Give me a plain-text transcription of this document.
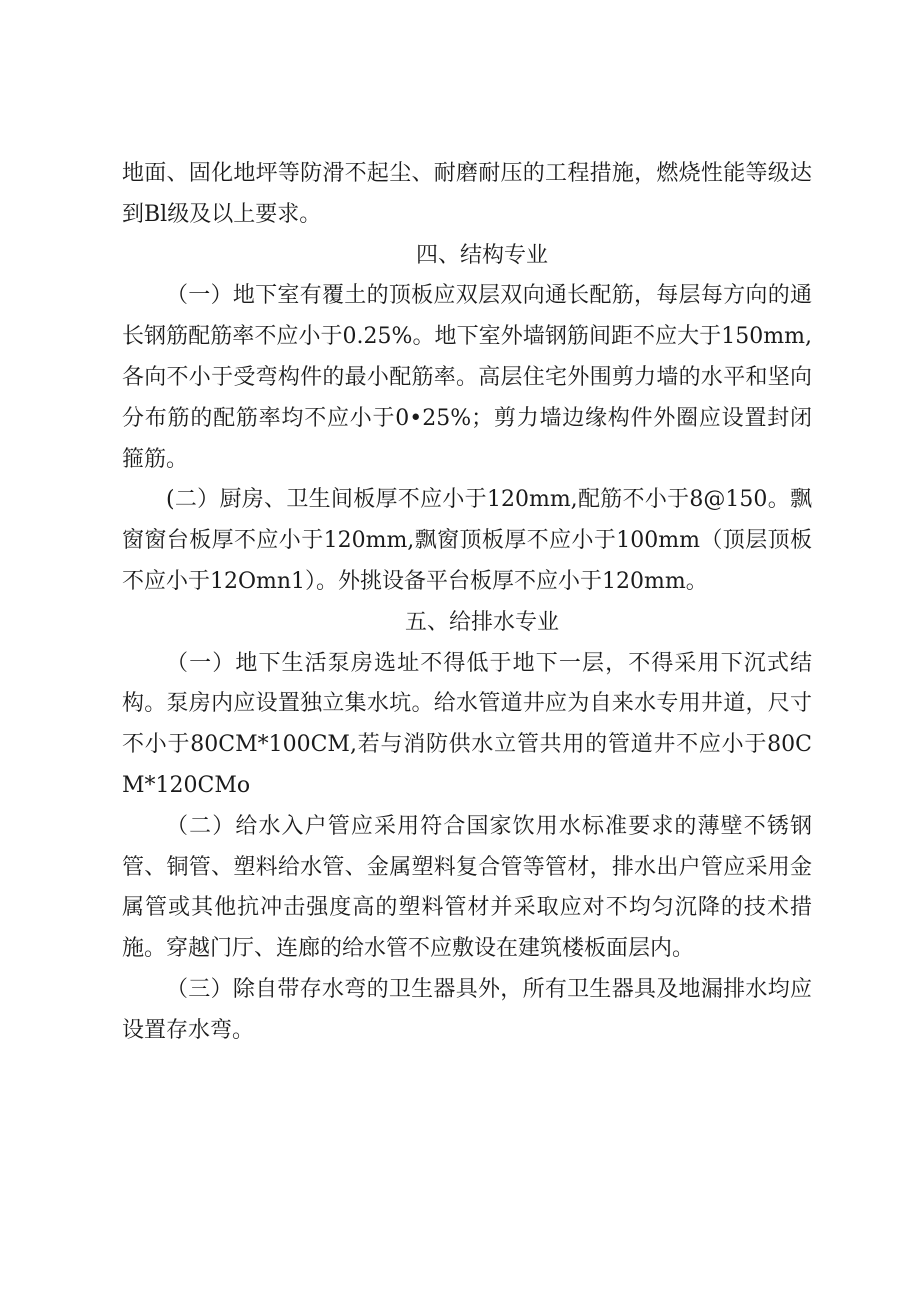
地面、固化地坪等防滑不起尘、耐磨耐压的工程措施，燃烧性能等级达到Bl级及以上要求。

四、结构专业

（一）地下室有覆土的顶板应双层双向通长配筋，每层每方向的通长钢筋配筋率不应小于0.25%。地下室外墙钢筋间距不应大于150mm,各向不小于受弯构件的最小配筋率。高层住宅外围剪力墙的水平和坚向分布筋的配筋率均不应小于0•25%；剪力墙边缘构件外圈应设置封闭箍筋。

(二）厨房、卫生间板厚不应小于120mm,配筋不小于8@150。飘窗窗台板厚不应小于120mm,飘窗顶板厚不应小于100mm（顶层顶板不应小于12Omn1）。外挑设备平台板厚不应小于120mm。

五、给排水专业

（一）地下生活泵房选址不得低于地下一层，不得采用下沉式结构。泵房内应设置独立集水坑。给水管道井应为自来水专用井道，尺寸不小于80CM*100CM,若与消防供水立管共用的管道井不应小于80CM*120CMo

（二）给水入户管应采用符合国家饮用水标准要求的薄壁不锈钢管、铜管、塑料给水管、金属塑料复合管等管材，排水出户管应采用金属管或其他抗冲击强度高的塑料管材并采取应对不均匀沉降的技术措施。穿越门厅、连廊的给水管不应敷设在建筑楼板面层内。

（三）除自带存水弯的卫生器具外，所有卫生器具及地漏排水均应设置存水弯。
